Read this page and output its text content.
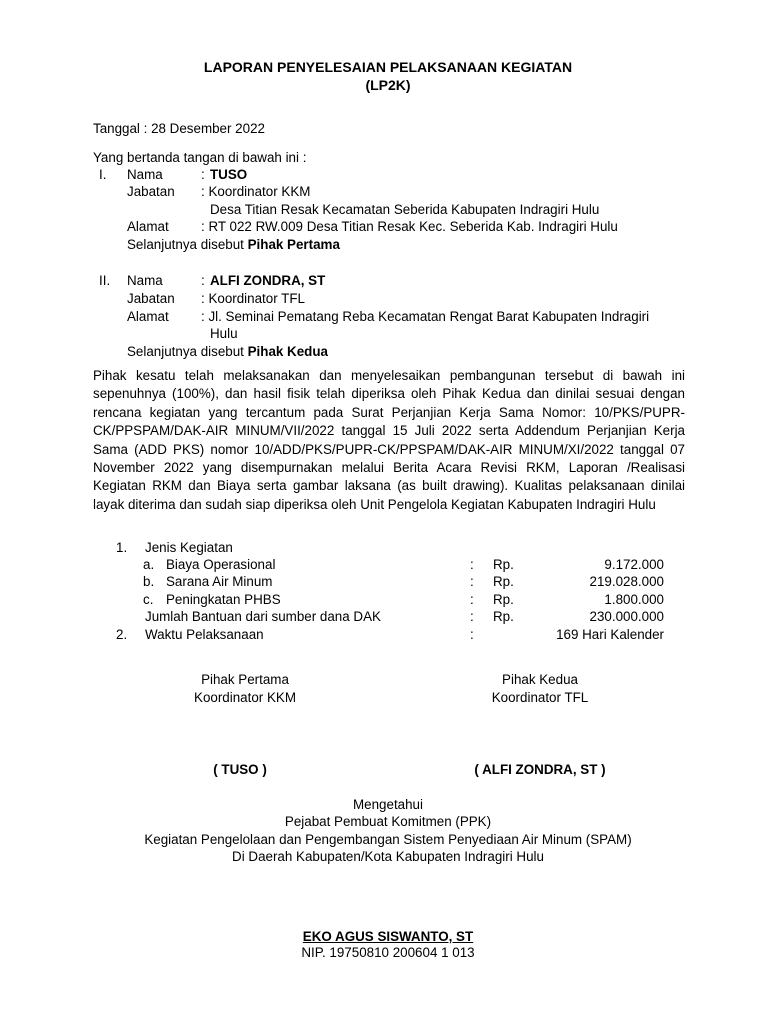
LAPORAN PENYELESAIAN PELAKSANAAN KEGIATAN
(LP2K)
Tanggal : 28 Desember 2022
Yang bertanda tangan di bawah ini :
I. Nama	: TUSO
Jabatan : Koordinator KKM
Desa Titian Resak Kecamatan Seberida Kabupaten Indragiri Hulu
Alamat : RT 022 RW.009 Desa Titian Resak Kec. Seberida Kab. Indragiri Hulu
Selanjutnya disebut Pihak Pertama
II. Nama	: ALFI ZONDRA, ST
Jabatan : Koordinator TFL
Alamat : Jl. Seminai Pematang Reba Kecamatan Rengat Barat Kabupaten Indragiri
Hulu
Selanjutnya disebut Pihak Kedua
Pihak kesatu telah melaksanakan dan menyelesaikan pembangunan tersebut di bawah ini sepenuhnya (100%), dan hasil fisik telah diperiksa oleh Pihak Kedua dan dinilai sesuai dengan rencana kegiatan yang tercantum pada Surat Perjanjian Kerja Sama Nomor: 10/PKS/PUPR-CK/PPSPAM/DAK-AIR MINUM/VII/2022 tanggal 15 Juli 2022 serta Addendum Perjanjian Kerja Sama (ADD PKS) nomor 10/ADD/PKS/PUPR-CK/PPSPAM/DAK-AIR MINUM/XI/2022 tanggal 07 November 2022 yang disempurnakan melalui Berita Acara Revisi RKM, Laporan /Realisasi Kegiatan RKM dan Biaya serta gambar laksana (as built drawing). Kualitas pelaksanaan dinilai layak diterima dan sudah siap diperiksa oleh Unit Pengelola Kegiatan Kabupaten Indragiri Hulu
1. Jenis Kegiatan
a. Biaya Operasional	: Rp.	9.172.000
b. Sarana Air Minum	: Rp.	219.028.000
c. Peningkatan PHBS	: Rp.	1.800.000
Jumlah Bantuan dari sumber dana DAK	: Rp.	230.000.000
2. Waktu Pelaksanaan	:	169 Hari Kalender
Pihak Pertama
Koordinator KKM
( TUSO )
Pihak Kedua
Koordinator TFL
( ALFI ZONDRA, ST )
Mengetahui
Pejabat Pembuat Komitmen (PPK)
Kegiatan Pengelolaan dan Pengembangan Sistem Penyediaan Air Minum (SPAM)
Di Daerah Kabupaten/Kota Kabupaten Indragiri Hulu
EKO AGUS SISWANTO, ST
NIP. 19750810 200604 1 013
